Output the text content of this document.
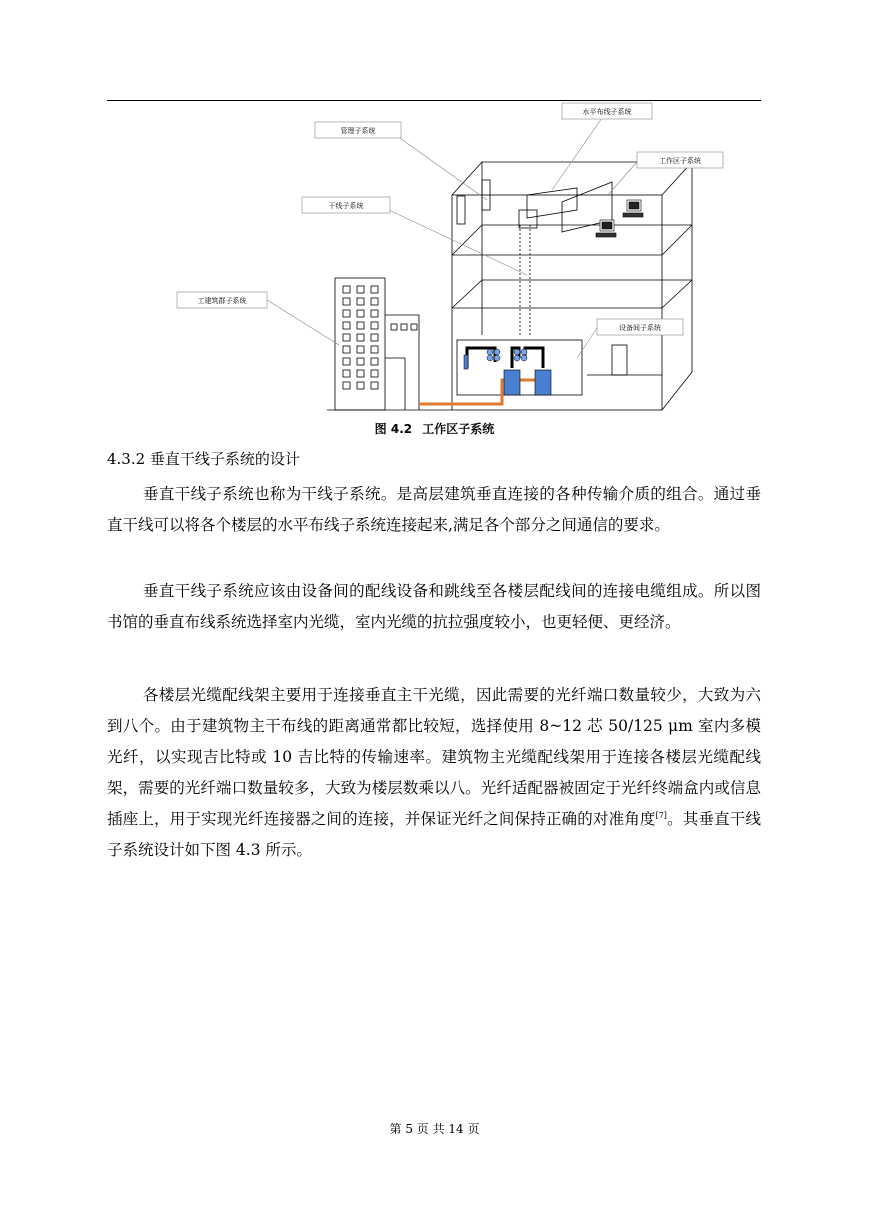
水平布线子系统
管理子系统
工作区子系统
干线子系统
工建筑群子系统
设备间子系统
图 4.2 工作区子系统
4.3.2 垂直干线子系统的设计

垂直干线子系统也称为干线子系统。是高层建筑垂直连接的各种传输介质的组合。通过垂直干线可以将各个楼层的水平布线子系统连接起来,满足各个部分之间通信的要求。

垂直干线子系统应该由设备间的配线设备和跳线至各楼层配线间的连接电缆组成。所以图书馆的垂直布线系统选择室内光缆，室内光缆的抗拉强度较小，也更轻便、更经济。

各楼层光缆配线架主要用于连接垂直主干光缆，因此需要的光纤端口数量较少，大致为六到八个。由于建筑物主干布线的距离通常都比较短，选择使用 8~12 芯 50/125 μm 室内多模光纤，以实现吉比特或 10 吉比特的传输速率。建筑物主光缆配线架用于连接各楼层光缆配线架，需要的光纤端口数量较多，大致为楼层数乘以八。光纤适配器被固定于光纤终端盒内或信息插座上，用于实现光纤连接器之间的连接，并保证光纤之间保持正确的对准角度[7]。其垂直干线子系统设计如下图 4.3 所示。

第 5 页 共 14 页
